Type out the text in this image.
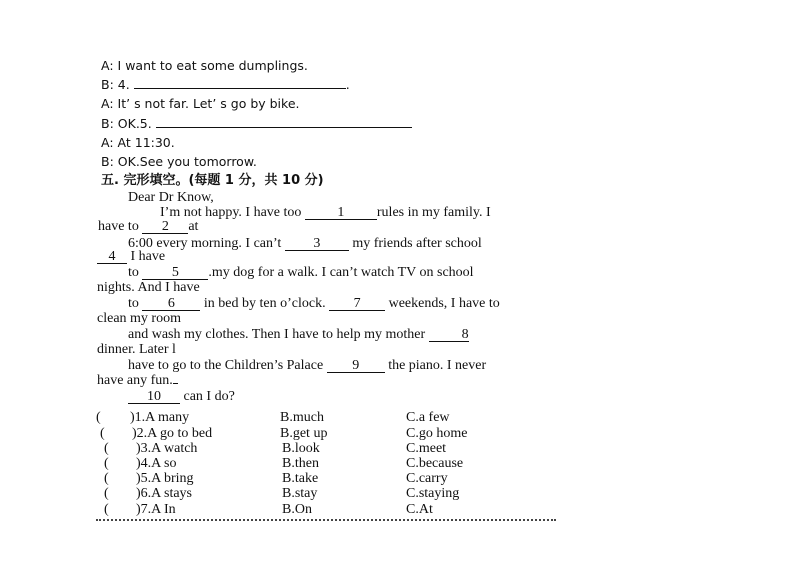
A: I want to eat some dumplings.
B: 4.	.
A: It’ s not far. Let’ s go by bike.
B: OK.5.
A: At 11:30.
B: OK.See you tomorrow.
五. 完形填空。(每题 1 分，共 10 分)
Dear Dr Know,
I’m not happy. I have too	1 rules in my family. I
have to 2 at
6:00 every morning. I can’t 3 my friends after school
4 I have
to 5 .my dog for a walk. I can’t watch TV on school
nights. And I have
to 6 in bed by ten o’clock. 7 weekends, I have to
clean my room
and wash my clothes. Then I have to help my mother	8
dinner. Later l
have to go to the Children’s Palace 9 the piano. I never
have any fun.
10 can I do?
( )1.A many	B.much	C.a few
( )2.A go to bed	B.get up	C.go home
( )3.A watch	B.look	C.meet
( )4.A so	B.then	C.because
( )5.A bring	B.take	C.carry
( )6.A stays	B.stay	C.staying
( )7.A In	B.On	C.At
